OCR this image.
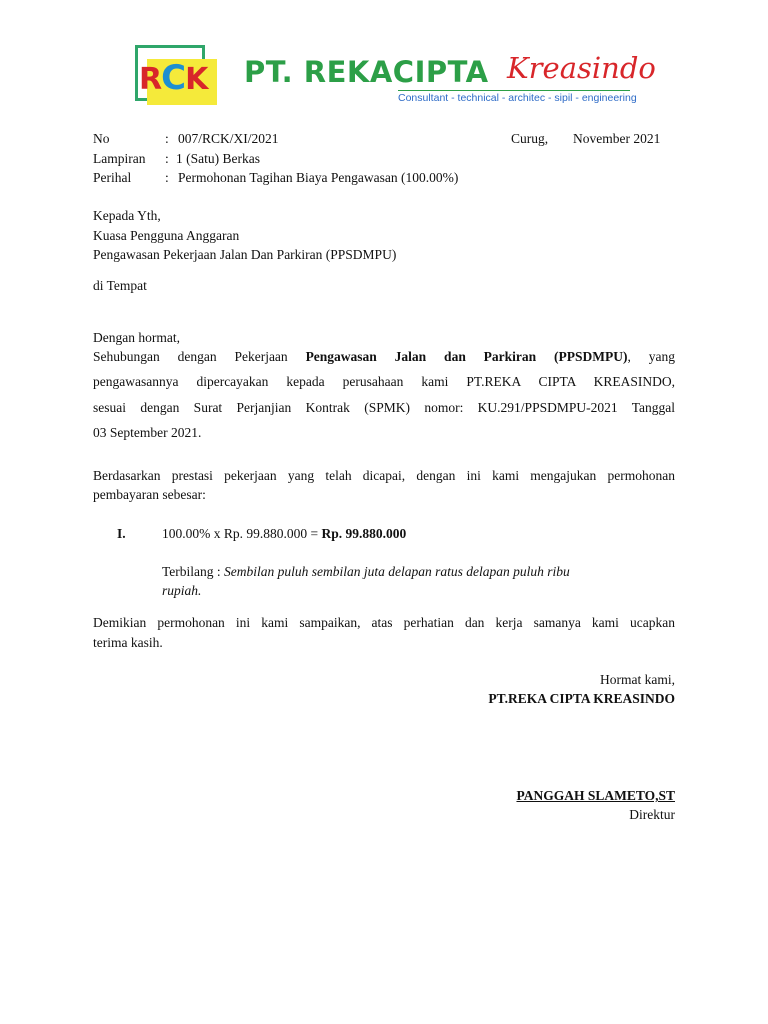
RCK PT. REKACIPTA Kreasindo
Consultant - technical - architec - sipil - engineering
No	: 007/RCK/XI/2021	Curug, November 2021
Lampiran : 1 (Satu) Berkas
Perihal	: Permohonan Tagihan Biaya Pengawasan (100.00%)
Kepada Yth,
Kuasa Pengguna Anggaran
Pengawasan Pekerjaan Jalan Dan Parkiran (PPSDMPU)
di Tempat
Dengan hormat,
Sehubungan dengan Pekerjaan Pengawasan Jalan dan Parkiran (PPSDMPU), yang
pengawasannya dipercayakan kepada perusahaan kami PT.REKA CIPTA KREASINDO,
sesuai dengan Surat Perjanjian Kontrak (SPMK) nomor: KU.291/PPSDMPU-2021 Tanggal
03 September 2021.
Berdasarkan prestasi pekerjaan yang telah dicapai, dengan ini kami mengajukan permohonan
pembayaran sebesar:
I.	100.00% x Rp. 99.880.000 = Rp. 99.880.000
Terbilang : Sembilan puluh sembilan juta delapan ratus delapan puluh ribu
rupiah.
Demikian permohonan ini kami sampaikan, atas perhatian dan kerja samanya kami ucapkan
terima kasih.
Hormat kami,
PT.REKA CIPTA KREASINDO
PANGGAH SLAMETO,ST
Direktur
